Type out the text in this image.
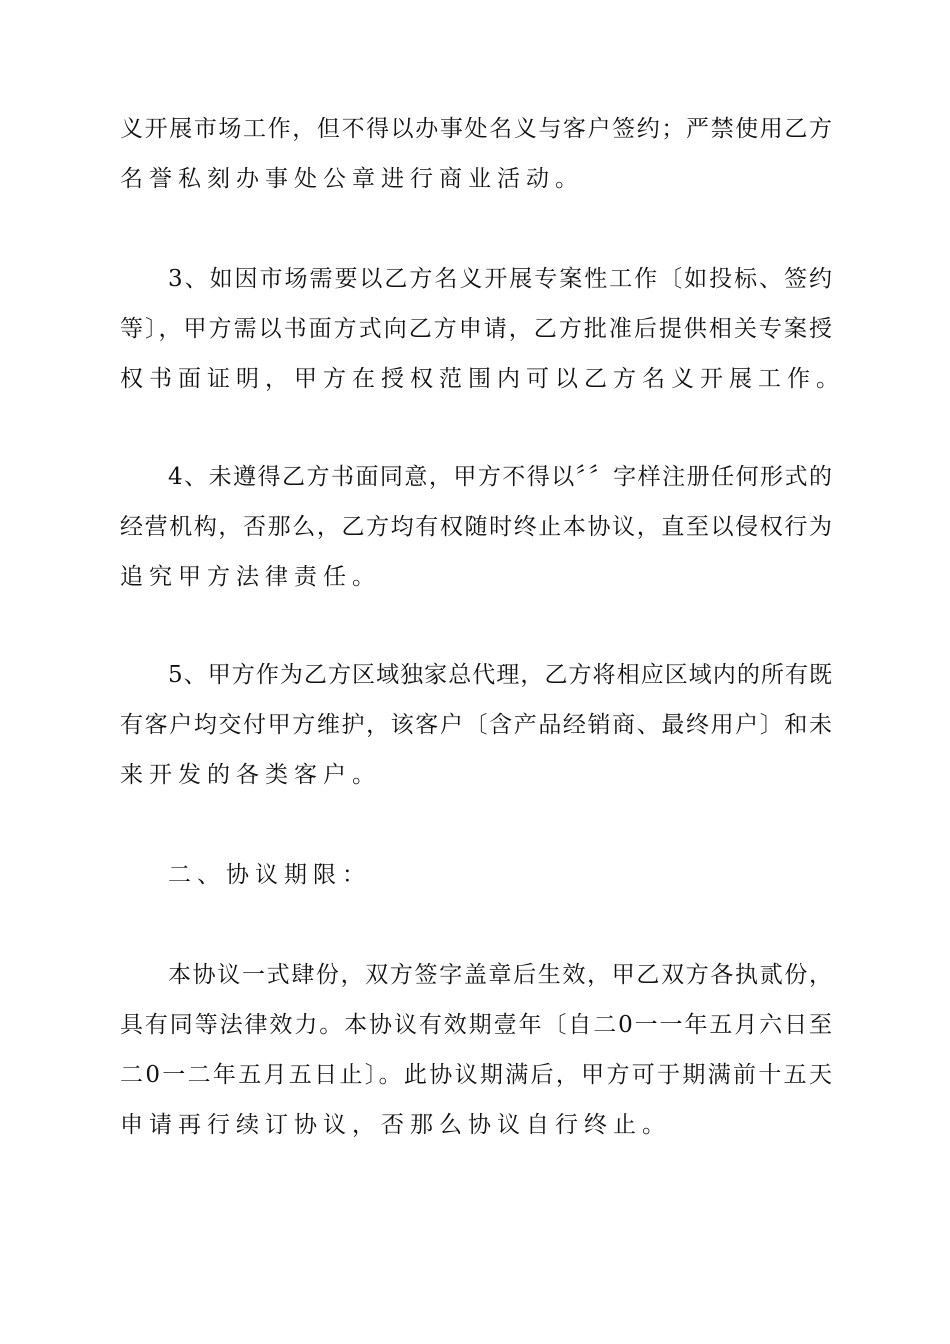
义开展市场工作，但不得以办事处名义与客户签约；严禁使用乙方
名誉私刻办事处公章进行商业活动。
3、如因市场需要以乙方名义开展专案性工作〔如投标、签约
等〕，甲方需以书面方式向乙方申请，乙方批准后提供相关专案授
权书面证明，甲方在授权范围内可以乙方名义开展工作。
4、未遵得乙方书面同意，甲方不得以〞〞字样注册任何形式的
经营机构，否那么，乙方均有权随时终止本协议，直至以侵权行为
追究甲方法律责任。
5、甲方作为乙方区域独家总代理，乙方将相应区域内的所有既
有客户均交付甲方维护，该客户〔含产品经销商、最终用户〕和未
来开发的各类客户。
二、协议期限：
本协议一式肆份，双方签字盖章后生效，甲乙双方各执贰份，
具有同等法律效力。本协议有效期壹年〔自二0一一年五月六日至
二0一二年五月五日止〕。此协议期满后，甲方可于期满前十五天
申请再行续订协议，否那么协议自行终止。
